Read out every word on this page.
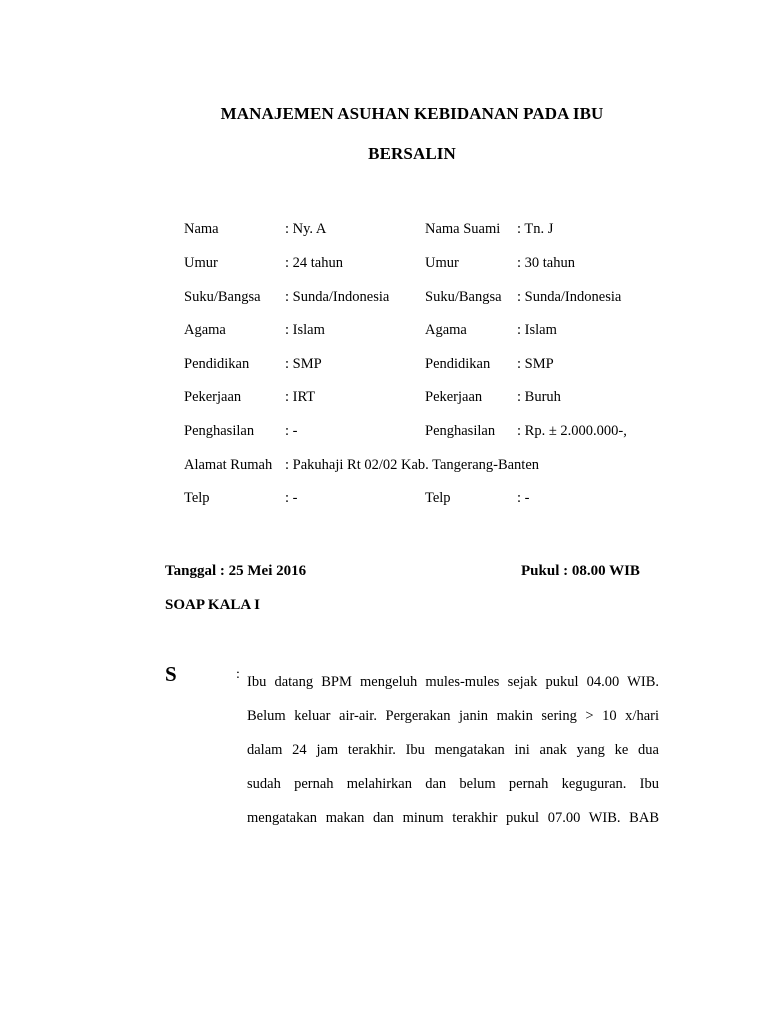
MANAJEMEN ASUHAN KEBIDANAN PADA IBU
BERSALIN
Nama	: Ny. A	Nama Suami : Tn. J
Umur	: 24 tahun	Umur	: 30 tahun
Suku/Bangsa : Sunda/Indonesia Suku/Bangsa : Sunda/Indonesia
Agama	: Islam	Agama	: Islam
Pendidikan : SMP	Pendidikan : SMP
Pekerjaan	: IRT	Pekerjaan : Buruh
Penghasilan : -	Penghasilan : Rp. ± 2.000.000-,
Alamat Rumah : Pakuhaji Rt 02/02 Kab. Tangerang-Banten
Telp	: -	Telp	: -
Tanggal : 25 Mei 2016	Pukul : 08.00 WIB
SOAP KALA I
S	: Ibu datang BPM mengeluh mules-mules sejak pukul 04.00 WIB.
Belum keluar air-air. Pergerakan janin makin sering > 10 x/hari
dalam 24 jam terakhir. Ibu mengatakan ini anak yang ke dua
sudah pernah melahirkan dan belum pernah keguguran. Ibu
mengatakan makan dan minum terakhir pukul 07.00 WIB. BAB
